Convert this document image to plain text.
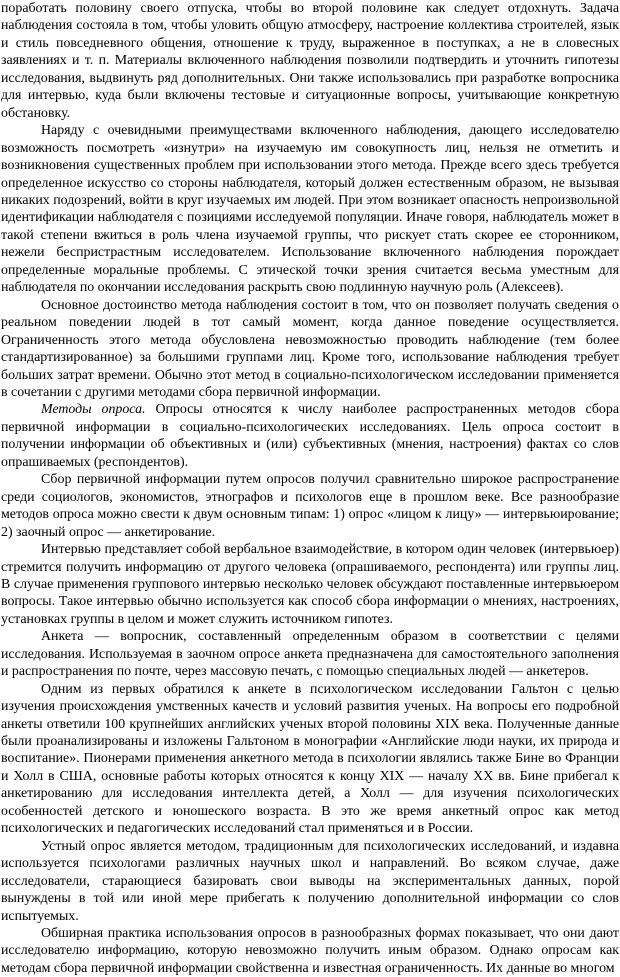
поработать половину своего отпуска, чтобы во второй половине как следует отдохнуть. Задача наблюдения состояла в том, чтобы уловить общую атмосферу, настроение коллектива строителей, язык и стиль повседневного общения, отношение к труду, выраженное в поступках, а не в словесных заявлениях и т. п. Материалы включенного наблюдения позволили подтвердить и уточнить гипотезы исследования, выдвинуть ряд дополнительных. Они также использовались при разработке вопросника для интервью, куда были включены тестовые и ситуационные вопросы, учитывающие конкретную обстановку.

Наряду с очевидными преимуществами включенного наблюдения, дающего исследователю возможность посмотреть «изнутри» на изучаемую им совокупность лиц, нельзя не отметить и возникновения существенных проблем при использовании этого метода. Прежде всего здесь требуется определенное искусство со стороны наблюдателя, который должен естественным образом, не вызывая никаких подозрений, войти в круг изучаемых им людей. При этом возникает опасность непроизвольной идентификации наблюдателя с позициями исследуемой популяции. Иначе говоря, наблюдатель может в такой степени вжиться в роль члена изучаемой группы, что рискует стать скорее ее сторонником, нежели беспристрастным исследователем. Использование включенного наблюдения порождает определенные моральные проблемы. С этической точки зрения считается весьма уместным для наблюдателя по окончании исследования раскрыть свою подлинную научную роль (Алексеев).

Основное достоинство метода наблюдения состоит в том, что он позволяет получать сведения о реальном поведении людей в тот самый момент, когда данное поведение осуществляется. Ограниченность этого метода обусловлена невозможностью проводить наблюдение (тем более стандартизированное) за большими группами лиц. Кроме того, использование наблюдения требует больших затрат времени. Обычно этот метод в социально-психологическом исследовании применяется в сочетании с другими методами сбора первичной информации.

Методы опроса. Опросы относятся к числу наиболее распространенных методов сбора первичной информации в социально-психологических исследованиях. Цель опроса состоит в получении информации об объективных и (или) субъективных (мнения, настроения) фактах со слов опрашиваемых (респондентов).

Сбор первичной информации путем опросов получил сравнительно широкое распространение среди социологов, экономистов, этнографов и психологов еще в прошлом веке. Все разнообразие методов опроса можно свести к двум основным типам: 1) опрос «лицом к лицу» — интервьюирование; 2) заочный опрос — анкетирование.

Интервью представляет собой вербальное взаимодействие, в котором один человек (интервьюер) стремится получить информацию от другого человека (опрашиваемого, респондента) или группы лиц. В случае применения группового интервью несколько человек обсуждают поставленные интервьюером вопросы. Такое интервью обычно используется как способ сбора информации о мнениях, настроениях, установках группы в целом и может служить источником гипотез.

Анкета — вопросник, составленный определенным образом в соответствии с целями исследования. Используемая в заочном опросе анкета предназначена для самостоятельного заполнения и распространения по почте, через массовую печать, с помощью специальных людей — анкетеров.

Одним из первых обратился к анкете в психологическом исследовании Гальтон с целью изучения происхождения умственных качеств и условий развития ученых. На вопросы его подробной анкеты ответили 100 крупнейших английских ученых второй половины XIX века. Полученные данные были проанализированы и изложены Гальтоном в монографии «Английские люди науки, их природа и воспитание». Пионерами применения анкетного метода в психологии являлись также Бине во Франции и Холл в США, основные работы которых относятся к концу XIX — началу XX вв. Бине прибегал к анкетированию для исследования интеллекта детей, а Холл — для изучения психологических особенностей детского и юношеского возраста. В это же время анкетный опрос как метод психологических и педагогических исследований стал применяться и в России.

Устный опрос является методом, традиционным для психологических исследований, и издавна используется психологами различных научных школ и направлений. Во всяком случае, даже исследователи, старающиеся базировать свои выводы на экспериментальных данных, порой вынуждены в той или иной мере прибегать к получению дополнительной информации со слов испытуемых.

Обширная практика использования опросов в разнообразных формах показывает, что они дают исследователю информацию, которую невозможно получить иным образом. Однако опросам как методам сбора первичной информации свойственна и известная ограниченность. Их данные во многом
